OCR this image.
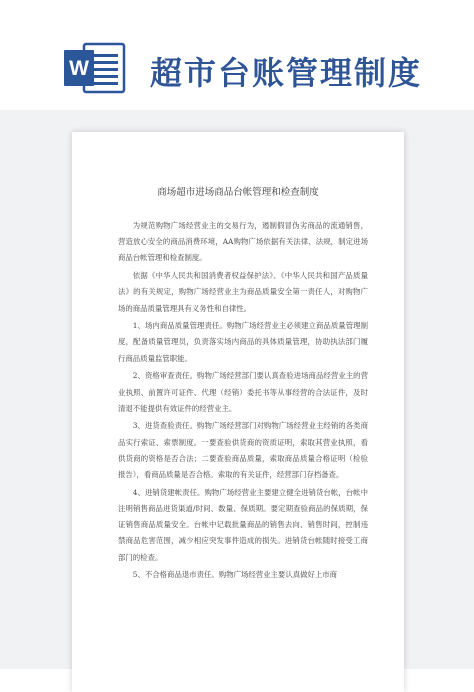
W 超市台账管理制度
商场超市进场商品台帐管理和检查制度

为规范购物广场经营业主的交易行为，遏制假冒伪劣商品的流通销售，营造放心安全的商品消费环境，AA购物广场依据有关法律、法规，制定进场商品台帐管理和检查制度。

依据《中华人民共和国消费者权益保护法》、《中华人民共和国产品质量法》的有关规定，购物广场经营业主为商品质量安全第一责任人，对购物广场的商品质量管理具有义务性和自律性。

1、场内商品质量管理责任。购物广场经营业主必须建立商品质量管理制度，配备质量管理员，负责落实场内商品的具体质量管理，协助执法部门履行商品质量监管职能。

2、资格审查责任。购物广场经营部门要认真查验进场商品经营业主的营业执照、前置许可证件、代理（经销）委托书等从事经营的合法证件，及时清退不能提供有效证件的经营业主。

3、进货查验责任。购物广场经营部门对购物广场经营业主经销的各类商品实行索证、索票制度。一要查验供货商的资质证明，索取其营业执照，看供货商的资格是否合法；二要查验商品质量，索取商品质量合格证明（检验报告），看商品质量是否合格。索取的有关证件，经营部门存档备查。

4、进销货建帐责任。购物广场经营业主要建立健全进销货台帐，台帐中注明销售商品进货渠道/时间、数量、保质期。要定期查验商品的保质期，保证销售商品质量安全。台帐中记载批量商品的销售去向、销售时间，控制违禁商品危害范围，减少相应突发事件造成的损失。进销货台帐随时接受工商部门的检查。

5、不合格商品退市责任。购物广场经营业主要认真做好上市商
